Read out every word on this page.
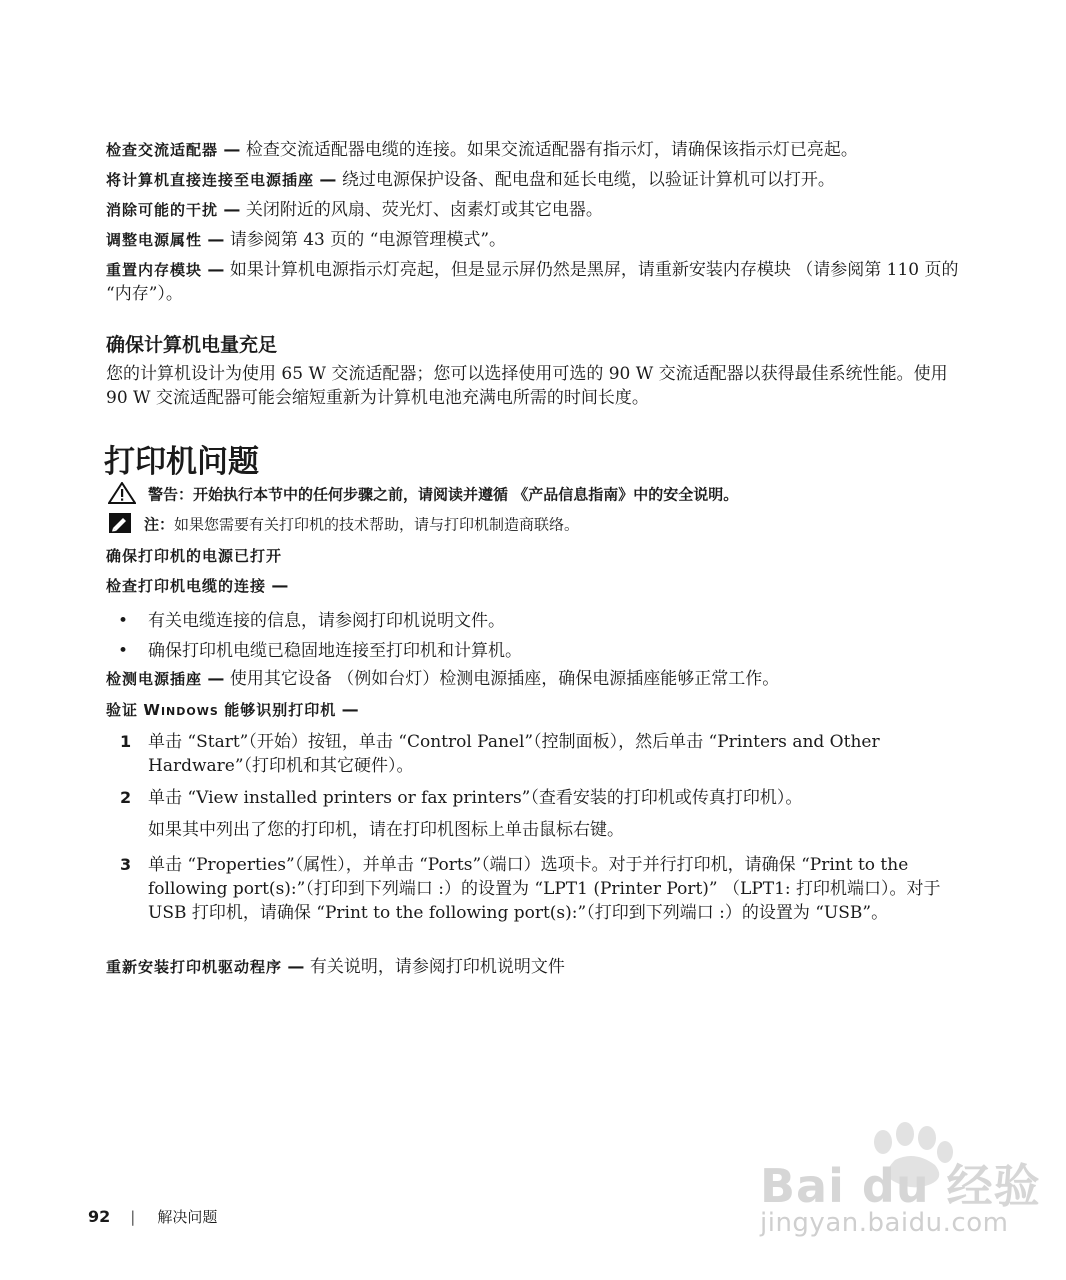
检查交流适配器 — 检查交流适配器电缆的连接。如果交流适配器有指示灯，请确保该指示灯已亮起。
将计算机直接连接至电源插座 — 绕过电源保护设备、配电盘和延长电缆，以验证计算机可以打开。
消除可能的干扰 — 关闭附近的风扇、荧光灯、卤素灯或其它电器。
调整电源属性 — 请参阅第 43 页的 “电源管理模式”。
重置内存模块 — 如果计算机电源指示灯亮起，但是显示屏仍然是黑屏，请重新安装内存模块 （请参阅第 110 页的 “内存”）。
确保计算机电量充足
您的计算机设计为使用 65 W 交流适配器；您可以选择使用可选的 90 W 交流适配器以获得最佳系统性能。使用 90 W 交流适配器可能会缩短重新为计算机电池充满电所需的时间长度。
打印机问题
警告：开始执行本节中的任何步骤之前，请阅读并遵循 《产品信息指南》中的安全说明。
注：如果您需要有关打印机的技术帮助，请与打印机制造商联络。
确保打印机的电源已打开
检查打印机电缆的连接 —
• 有关电缆连接的信息，请参阅打印机说明文件。
• 确保打印机电缆已稳固地连接至打印机和计算机。
检测电源插座 — 使用其它设备 （例如台灯）检测电源插座，确保电源插座能够正常工作。
验证 Windows 能够识别打印机 —
1 单击 “Start”（开始）按钮，单击 “Control Panel”（控制面板），然后单击 “Printers and Other Hardware”（打印机和其它硬件）。
2 单击 “View installed printers or fax printers”（查看安装的打印机或传真打印机）。
如果其中列出了您的打印机，请在打印机图标上单击鼠标右键。
3 单击 “Properties”（属性），并单击 “Ports”（端口）选项卡。对于并行打印机，请确保 “Print to the following port(s):”（打印到下列端口 :）的设置为 “LPT1 (Printer Port)” （LPT1: 打印机端口）。对于 USB 打印机，请确保 “Print to the following port(s):”（打印到下列端口 :）的设置为 “USB”。
重新安装打印机驱动程序 — 有关说明，请参阅打印机说明文件
Bai du 经验
jingyan.baidu.com
92 | 解决问题
